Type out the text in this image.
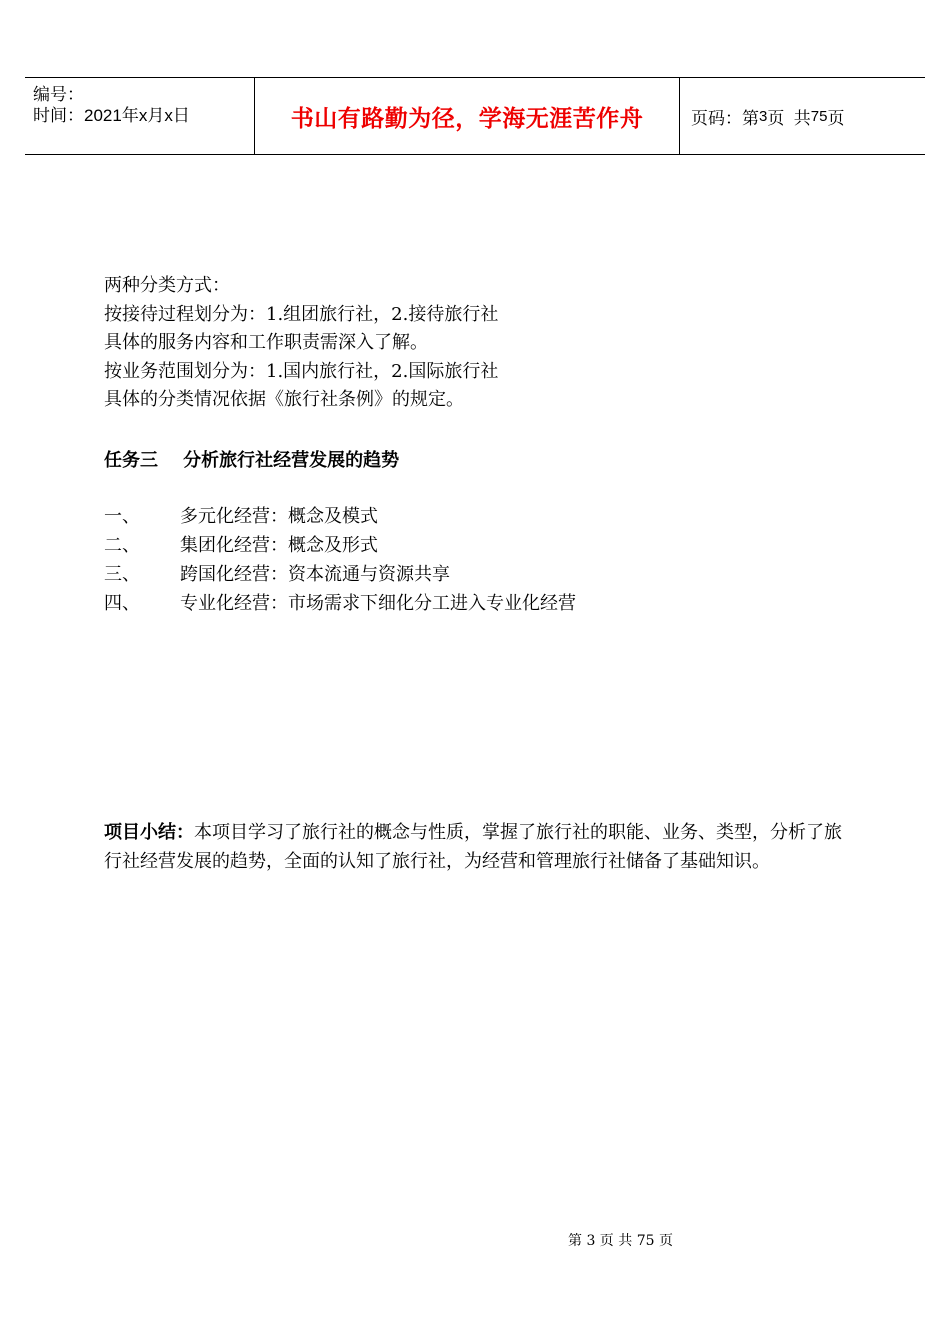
编号：
时间：2021年x月x日	书山有路勤为径，学海无涯苦作舟	页码：第 3 页  共 75 页
两种分类方式：
按接待过程划分为：1.组团旅行社，2.接待旅行社
具体的服务内容和工作职责需深入了解。
按业务范围划分为：1.国内旅行社，2.国际旅行社
具体的分类情况依据《旅行社条例》的规定。
任务三    分析旅行社经营发展的趋势
一、	多元化经营：概念及模式
二、	集团化经营：概念及形式
三、	跨国化经营：资本流通与资源共享
四、	专业化经营：市场需求下细化分工进入专业化经营
项目小结：本项目学习了旅行社的概念与性质，掌握了旅行社的职能、业务、类型，分析了旅行社经营发展的趋势，全面的认知了旅行社，为经营和管理旅行社储备了基础知识。
第 3 页 共 75 页
